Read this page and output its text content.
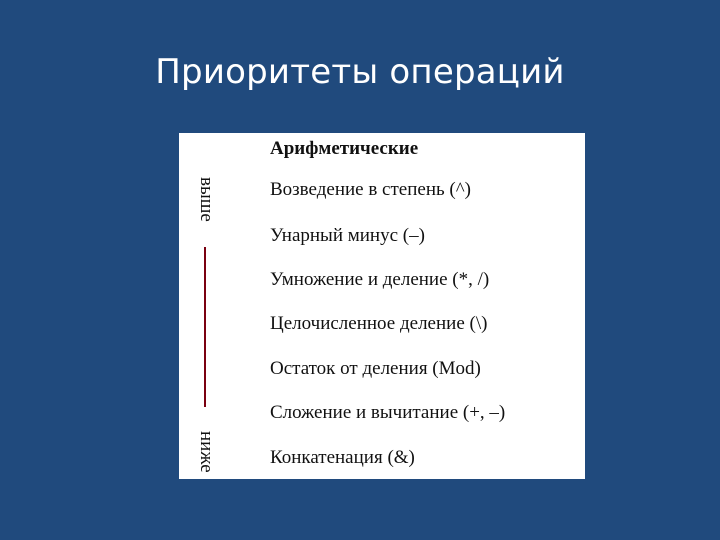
Приоритеты операций
Арифметические
выше
ниже
Возведение в степень (^)
Унарный минус (–)
Умножение и деление (*, /)
Целочисленное деление (\)
Остаток от деления (Mod)
Сложение и вычитание (+, –)
Конкатенация (&)
